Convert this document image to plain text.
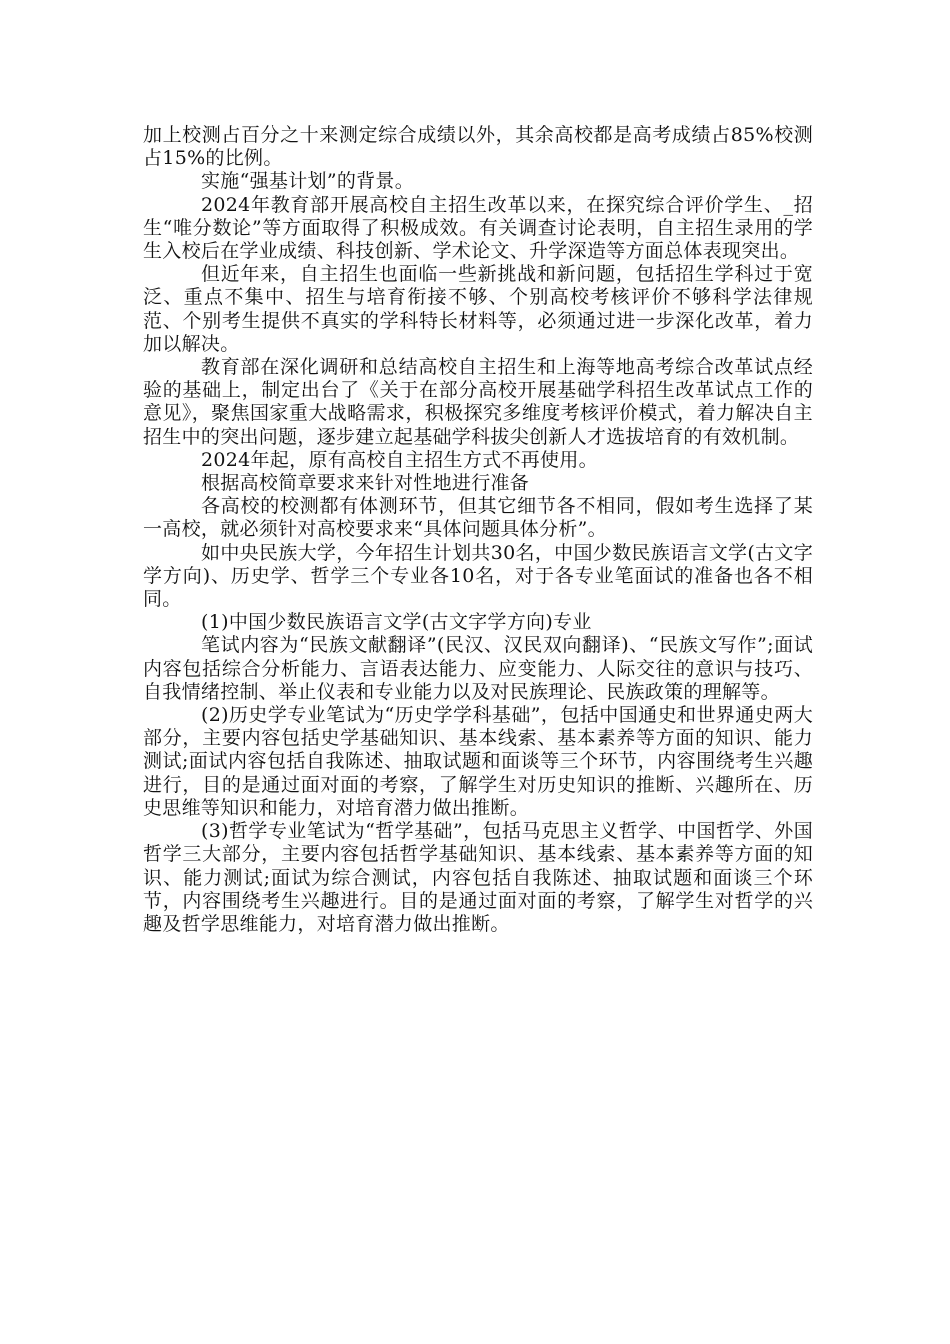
加上校测占百分之十来测定综合成绩以外，其余高校都是高考成绩占85%校测占15%的比例。

实施“强基计划”的背景。

2024年教育部开展高校自主招生改革以来，在探究综合评价学生、_招生“唯分数论”等方面取得了积极成效。有关调查讨论表明，自主招生录用的学生入校后在学业成绩、科技创新、学术论文、升学深造等方面总体表现突出。

但近年来，自主招生也面临一些新挑战和新问题，包括招生学科过于宽泛、重点不集中、招生与培育衔接不够、个别高校考核评价不够科学法律规范、个别考生提供不真实的学科特长材料等，必须通过进一步深化改革，着力加以解决。

教育部在深化调研和总结高校自主招生和上海等地高考综合改革试点经验的基础上，制定出台了《关于在部分高校开展基础学科招生改革试点工作的意见》，聚焦国家重大战略需求，积极探究多维度考核评价模式，着力解决自主招生中的突出问题，逐步建立起基础学科拔尖创新人才选拔培育的有效机制。

2024年起，原有高校自主招生方式不再使用。

根据高校简章要求来针对性地进行准备

各高校的校测都有体测环节，但其它细节各不相同，假如考生选择了某一高校，就必须针对高校要求来“具体问题具体分析”。

如中央民族大学，今年招生计划共30名，中国少数民族语言文学(古文字学方向)、历史学、哲学三个专业各10名，对于各专业笔面试的准备也各不相同。

(1)中国少数民族语言文学(古文字学方向)专业

笔试内容为“民族文献翻译”(民汉、汉民双向翻译)、“民族文写作”;面试内容包括综合分析能力、言语表达能力、应变能力、人际交往的意识与技巧、自我情绪控制、举止仪表和专业能力以及对民族理论、民族政策的理解等。

(2)历史学专业笔试为“历史学学科基础”，包括中国通史和世界通史两大部分，主要内容包括史学基础知识、基本线索、基本素养等方面的知识、能力测试;面试内容包括自我陈述、抽取试题和面谈等三个环节，内容围绕考生兴趣进行，目的是通过面对面的考察，了解学生对历史知识的推断、兴趣所在、历史思维等知识和能力，对培育潜力做出推断。

(3)哲学专业笔试为“哲学基础”，包括马克思主义哲学、中国哲学、外国哲学三大部分，主要内容包括哲学基础知识、基本线索、基本素养等方面的知识、能力测试;面试为综合测试，内容包括自我陈述、抽取试题和面谈三个环节，内容围绕考生兴趣进行。目的是通过面对面的考察，了解学生对哲学的兴趣及哲学思维能力，对培育潜力做出推断。
